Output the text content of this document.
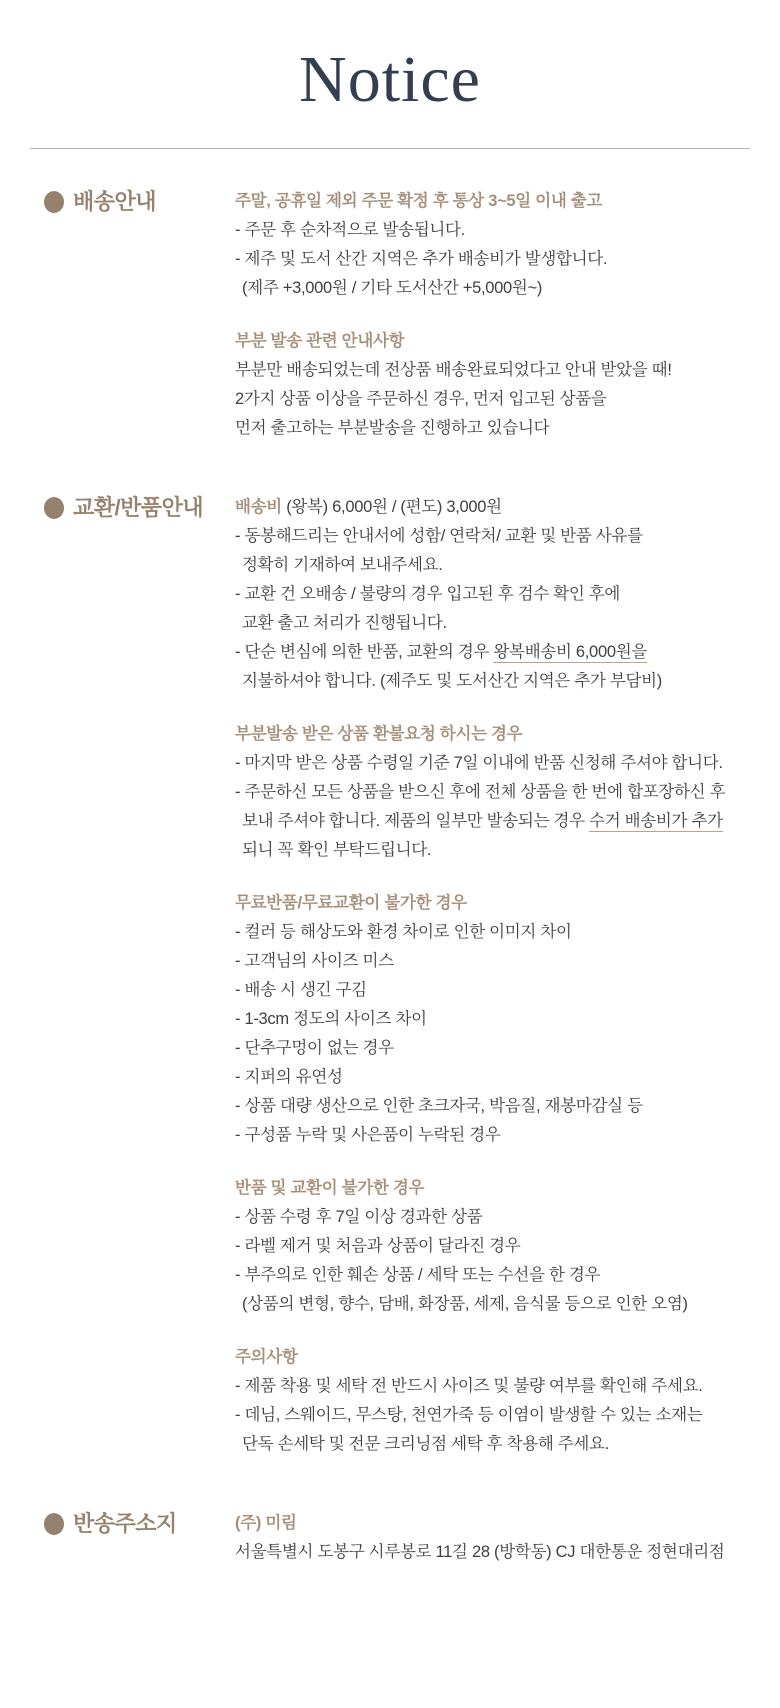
Notice
배송안내	주말, 공휴일 제외 주문 확정 후 통상 3~5일 이내 출고
- 주문 후 순차적으로 발송됩니다.
- 제주 및 도서 산간 지역은 추가 배송비가 발생합니다.
(제주 +3,000원 / 기타 도서산간 +5,000원~)
부분 발송 관련 안내사항
부분만 배송되었는데 전상품 배송완료되었다고 안내 받았을 때!
2가지 상품 이상을 주문하신 경우, 먼저 입고된 상품을
먼저 출고하는 부분발송을 진행하고 있습니다
교환/반품안내 배송비 (왕복) 6,000원 / (편도) 3,000원
- 동봉해드리는 안내서에 성함/ 연락처/ 교환 및 반품 사유를
정확히 기재하여 보내주세요.
- 교환 건 오배송 / 불량의 경우 입고된 후 검수 확인 후에
교환 출고 처리가 진행됩니다.
- 단순 변심에 의한 반품, 교환의 경우 왕복배송비 6,000원을
지불하셔야 합니다. (제주도 및 도서산간 지역은 추가 부담비)
부분발송 받은 상품 환불요청 하시는 경우
- 마지막 받은 상품 수령일 기준 7일 이내에 반품 신청해 주셔야 합니다.
- 주문하신 모든 상품을 받으신 후에 전체 상품을 한 번에 합포장하신 후
보내 주셔야 합니다. 제품의 일부만 발송되는 경우 수거 배송비가 추가
되니 꼭 확인 부탁드립니다.
무료반품/무료교환이 불가한 경우
- 컬러 등 해상도와 환경 차이로 인한 이미지 차이
- 고객님의 사이즈 미스
- 배송 시 생긴 구김
- 1-3cm 정도의 사이즈 차이
- 단추구멍이 없는 경우
- 지퍼의 유연성
- 상품 대량 생산으로 인한 초크자국, 박음질, 재봉마감실 등
- 구성품 누락 및 사은품이 누락된 경우
반품 및 교환이 불가한 경우
- 상품 수령 후 7일 이상 경과한 상품
- 라벨 제거 및 처음과 상품이 달라진 경우
- 부주의로 인한 훼손 상품 / 세탁 또는 수선을 한 경우
(상품의 변형, 향수, 담배, 화장품, 세제, 음식물 등으로 인한 오염)
주의사항
- 제품 착용 및 세탁 전 반드시 사이즈 및 불량 여부를 확인해 주세요.
- 데님, 스웨이드, 무스탕, 천연가죽 등 이염이 발생할 수 있는 소재는
단독 손세탁 및 전문 크리닝점 세탁 후 착용해 주세요.
반송주소지	(주) 미림
서울특별시 도봉구 시루봉로 11길 28 (방학동) CJ 대한통운 정현대리점
